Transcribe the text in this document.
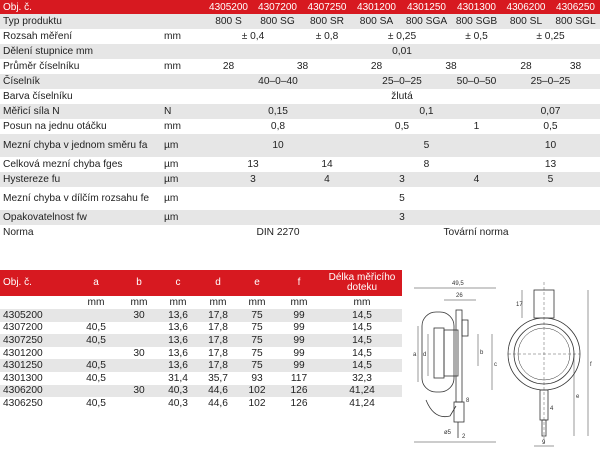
Obj. č.		4305200	4307200	4307250	4301200	4301250	4301300	4306200	4306250
Typ produktu		800 S	800 SG	800 SR	800 SA	800 SGA	800 SGB	800 SL	800 SGL
Rozsah měření	mm	± 0,4		± 0,8	± 0,25		± 0,5	± 0,25	
Dělení stupnice mm		0,01							
Průměr číselníku	mm	28	38		28	38		28	38
Číselník		40–0–40			25–0–25		50–0–50	25–0–25	
Barva číselníku		žlutá							
Měřicí síla N	N	0,15			0,1			0,07	
Posun na jednu otáčku	mm	0,8			0,5		1	0,5	
Mezní chyba v jednom směru fa	µm	10			5			10	
Celková mezní chyba fges	µm	13		14	8			13	
Hystereze fu	µm	3		4	3		4	5	
Mezní chyba v dílčím rozsahu fe	µm	5							
Opakovatelnost fw	µm	3							
Norma		DIN 2270			Tovární norma				
Obj. č.	a	b	c	d	e	f	Délka měřicího doteku
	mm	mm	mm	mm	mm	mm	mm
4305200		30	13,6	17,8	75	99	14,5
4307200	40,5		13,6	17,8	75	99	14,5
4307250	40,5		13,6	17,8	75	99	14,5
4301200		30	13,6	17,8	75	99	14,5
4301250	40,5		13,6	17,8	75	99	14,5
4301300	40,5		31,4	35,7	93	117	32,3
4306200		30	40,3	44,6	102	126	41,24
4306250	40,5		40,3	44,6	102	126	41,24
49,5
26
17
a d
c
b
e
f
8
2
9
4
ø5
